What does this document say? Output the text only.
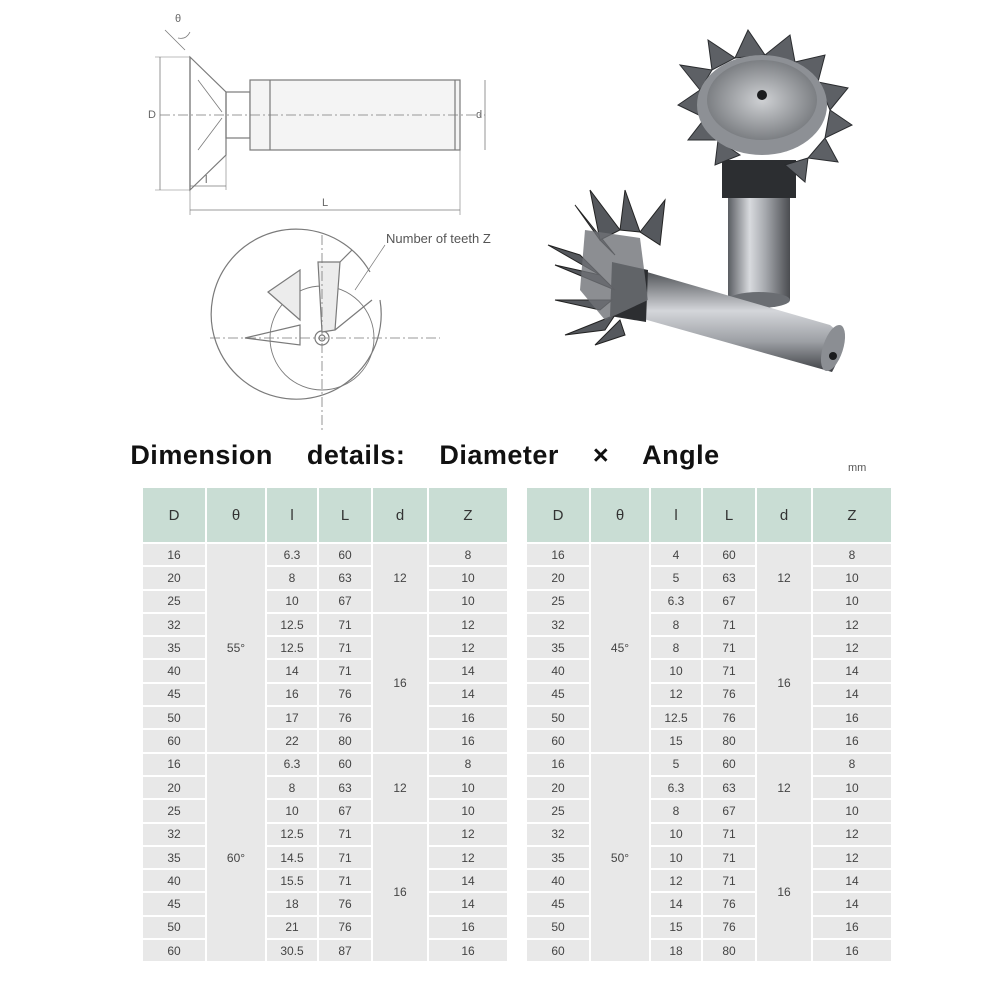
θ
D	d
l
L
Number of teeth Z
Dimension details: Diameter × Angle	mm
D	θ	l	L	d	Z
16	55°	6.3	60	12	8
20		8	63		10
25		10	67		10
32		12.5	71	16	12
35		12.5	71		12
40		14	71		14
45		16	76		14
50		17	76		16
60		22	80		16
16	60°	6.3	60	12	8
20		8	63		10
25		10	67		10
32		12.5	71	16	12
35		14.5	71		12
40		15.5	71		14
45		18	76		14
50		21	76		16
60		30.5	87		16
D	θ	l	L	d	Z
16	45°	4	60	12	8
20		5	63		10
25		6.3	67		10
32		8	71	16	12
35		8	71		12
40		10	71		14
45		12	76		14
50		12.5	76		16
60		15	80		16
16	50°	5	60	12	8
20		6.3	63		10
25		8	67		10
32		10	71	16	12
35		10	71		12
40		12	71		14
45		14	76		14
50		15	76		16
60		18	80		16
